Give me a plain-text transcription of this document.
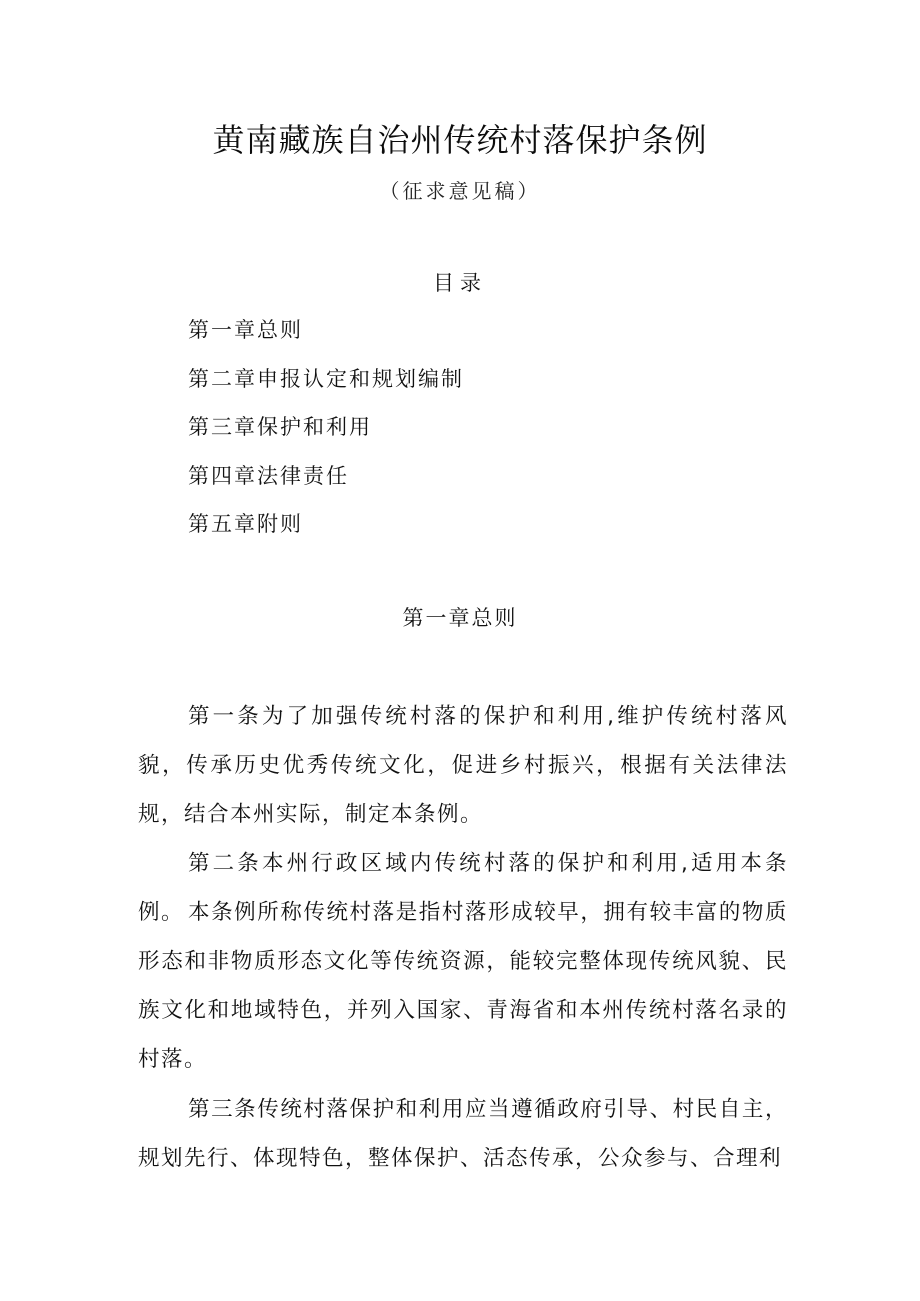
黄南藏族自治州传统村落保护条例
（征求意见稿）
目录
第一章总则
第二章申报认定和规划编制
第三章保护和利用
第四章法律责任
第五章附则
第一章总则

第一条为了加强传统村落的保护和利用,维护传统村落风貌，传承历史优秀传统文化，促进乡村振兴，根据有关法律法规，结合本州实际，制定本条例。

第二条本州行政区域内传统村落的保护和利用,适用本条例。 本条例所称传统村落是指村落形成较早，拥有较丰富的物质形态和非物质形态文化等传统资源，能较完整体现传统风貌、民族文化和地域特色，并列入国家、青海省和本州传统村落名录的村落。

第三条传统村落保护和利用应当遵循政府引导、村民自主，规划先行、体现特色，整体保护、活态传承，公众参与、合理利
